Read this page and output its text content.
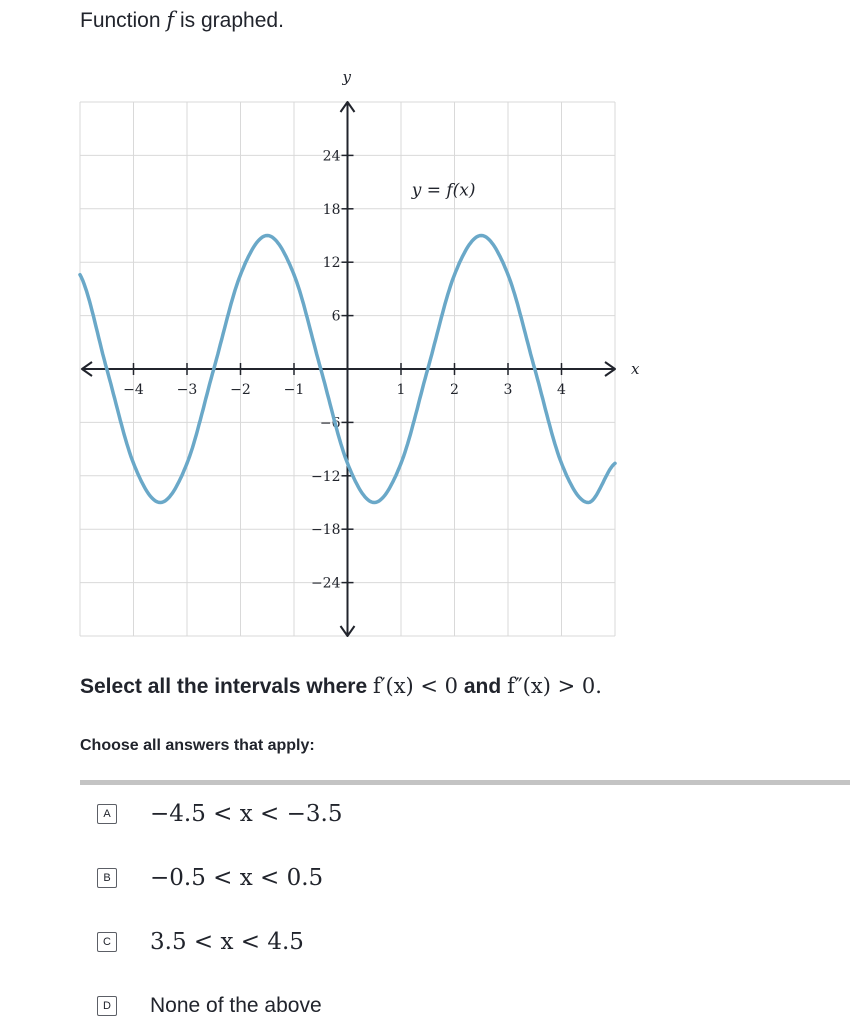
Function f is graphed.
−4 −3 −2 −1	1	2	3	4
−24
−18
−12
−6
6
12
18
24
x
y
y = f(x)
Select all the intervals where f′(x) < 0 and f″(x) > 0.
Choose all answers that apply:
A −4.5 < x < −3.5
B −0.5 < x < 0.5
C 3.5 < x < 4.5
D None of the above
